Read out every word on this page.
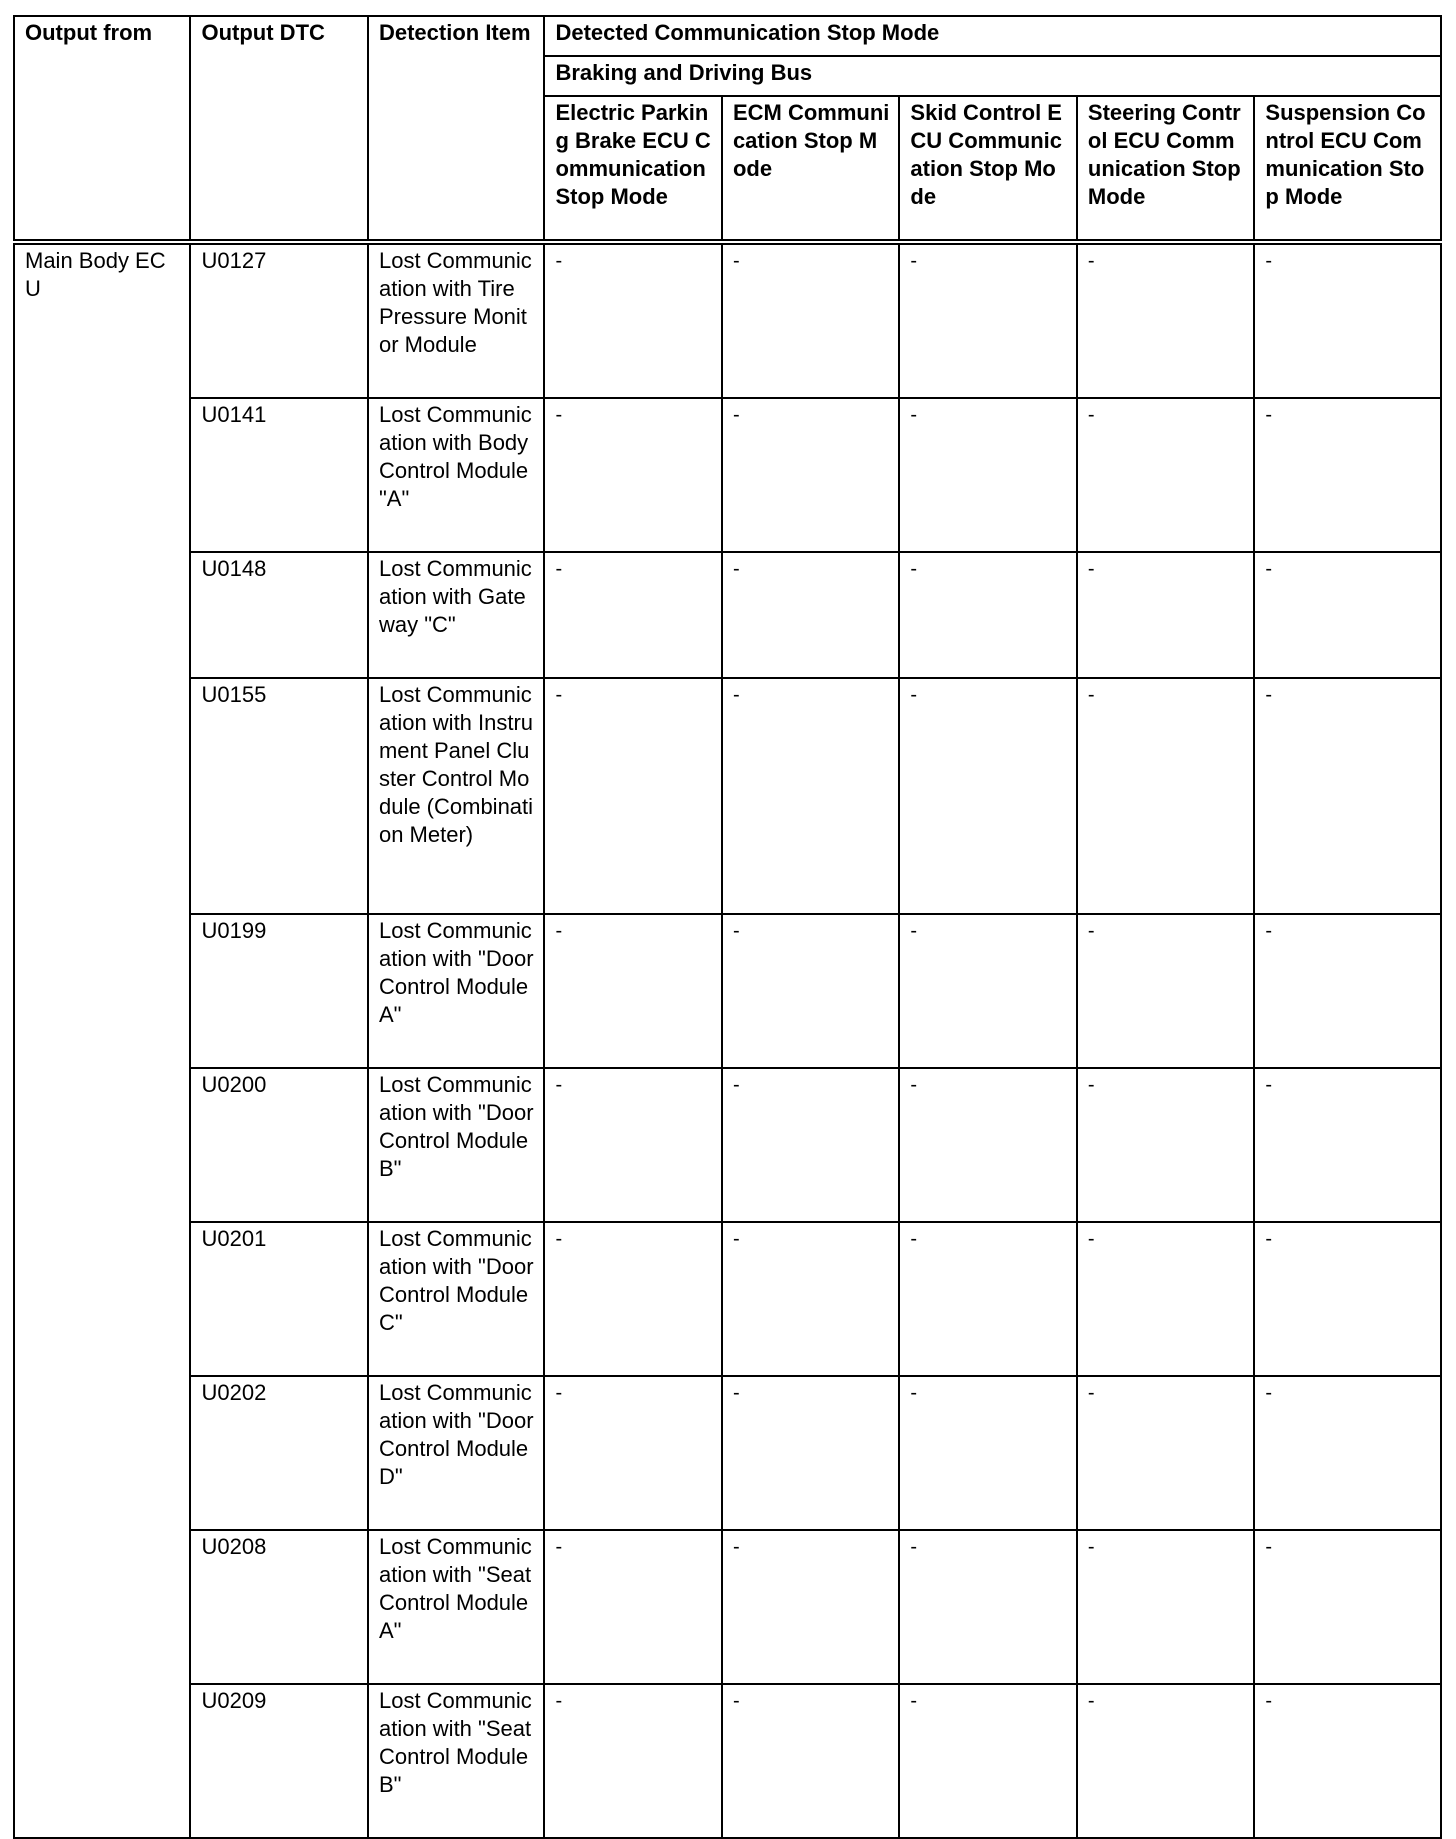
Output from	Output DTC	Detection Item	Detected Communication Stop Mode				
			Braking and Driving Bus				
			Electric Parking Brake ECU Communication Stop Mode	ECM Communication Stop Mode	Skid Control ECU Communication Stop Mode	Steering Control ECU Communication Stop Mode	Suspension Control ECU Communication Stop Mode
Main Body ECU	U0127	Lost Communication with Tire Pressure Monitor Module	-	-	-	-	-
	U0141	Lost Communication with Body Control Module "A"	-	-	-	-	-
	U0148	Lost Communication with Gateway "C"	-	-	-	-	-
	U0155	Lost Communication with Instrument Panel Cluster Control Module (Combination Meter)	-	-	-	-	-
	U0199	Lost Communication with "Door Control Module A"	-	-	-	-	-
	U0200	Lost Communication with "Door Control Module B"	-	-	-	-	-
	U0201	Lost Communication with "Door Control Module C"	-	-	-	-	-
	U0202	Lost Communication with "Door Control Module D"	-	-	-	-	-
	U0208	Lost Communication with "Seat Control Module A"	-	-	-	-	-
	U0209	Lost Communication with "Seat Control Module B"	-	-	-	-	-
